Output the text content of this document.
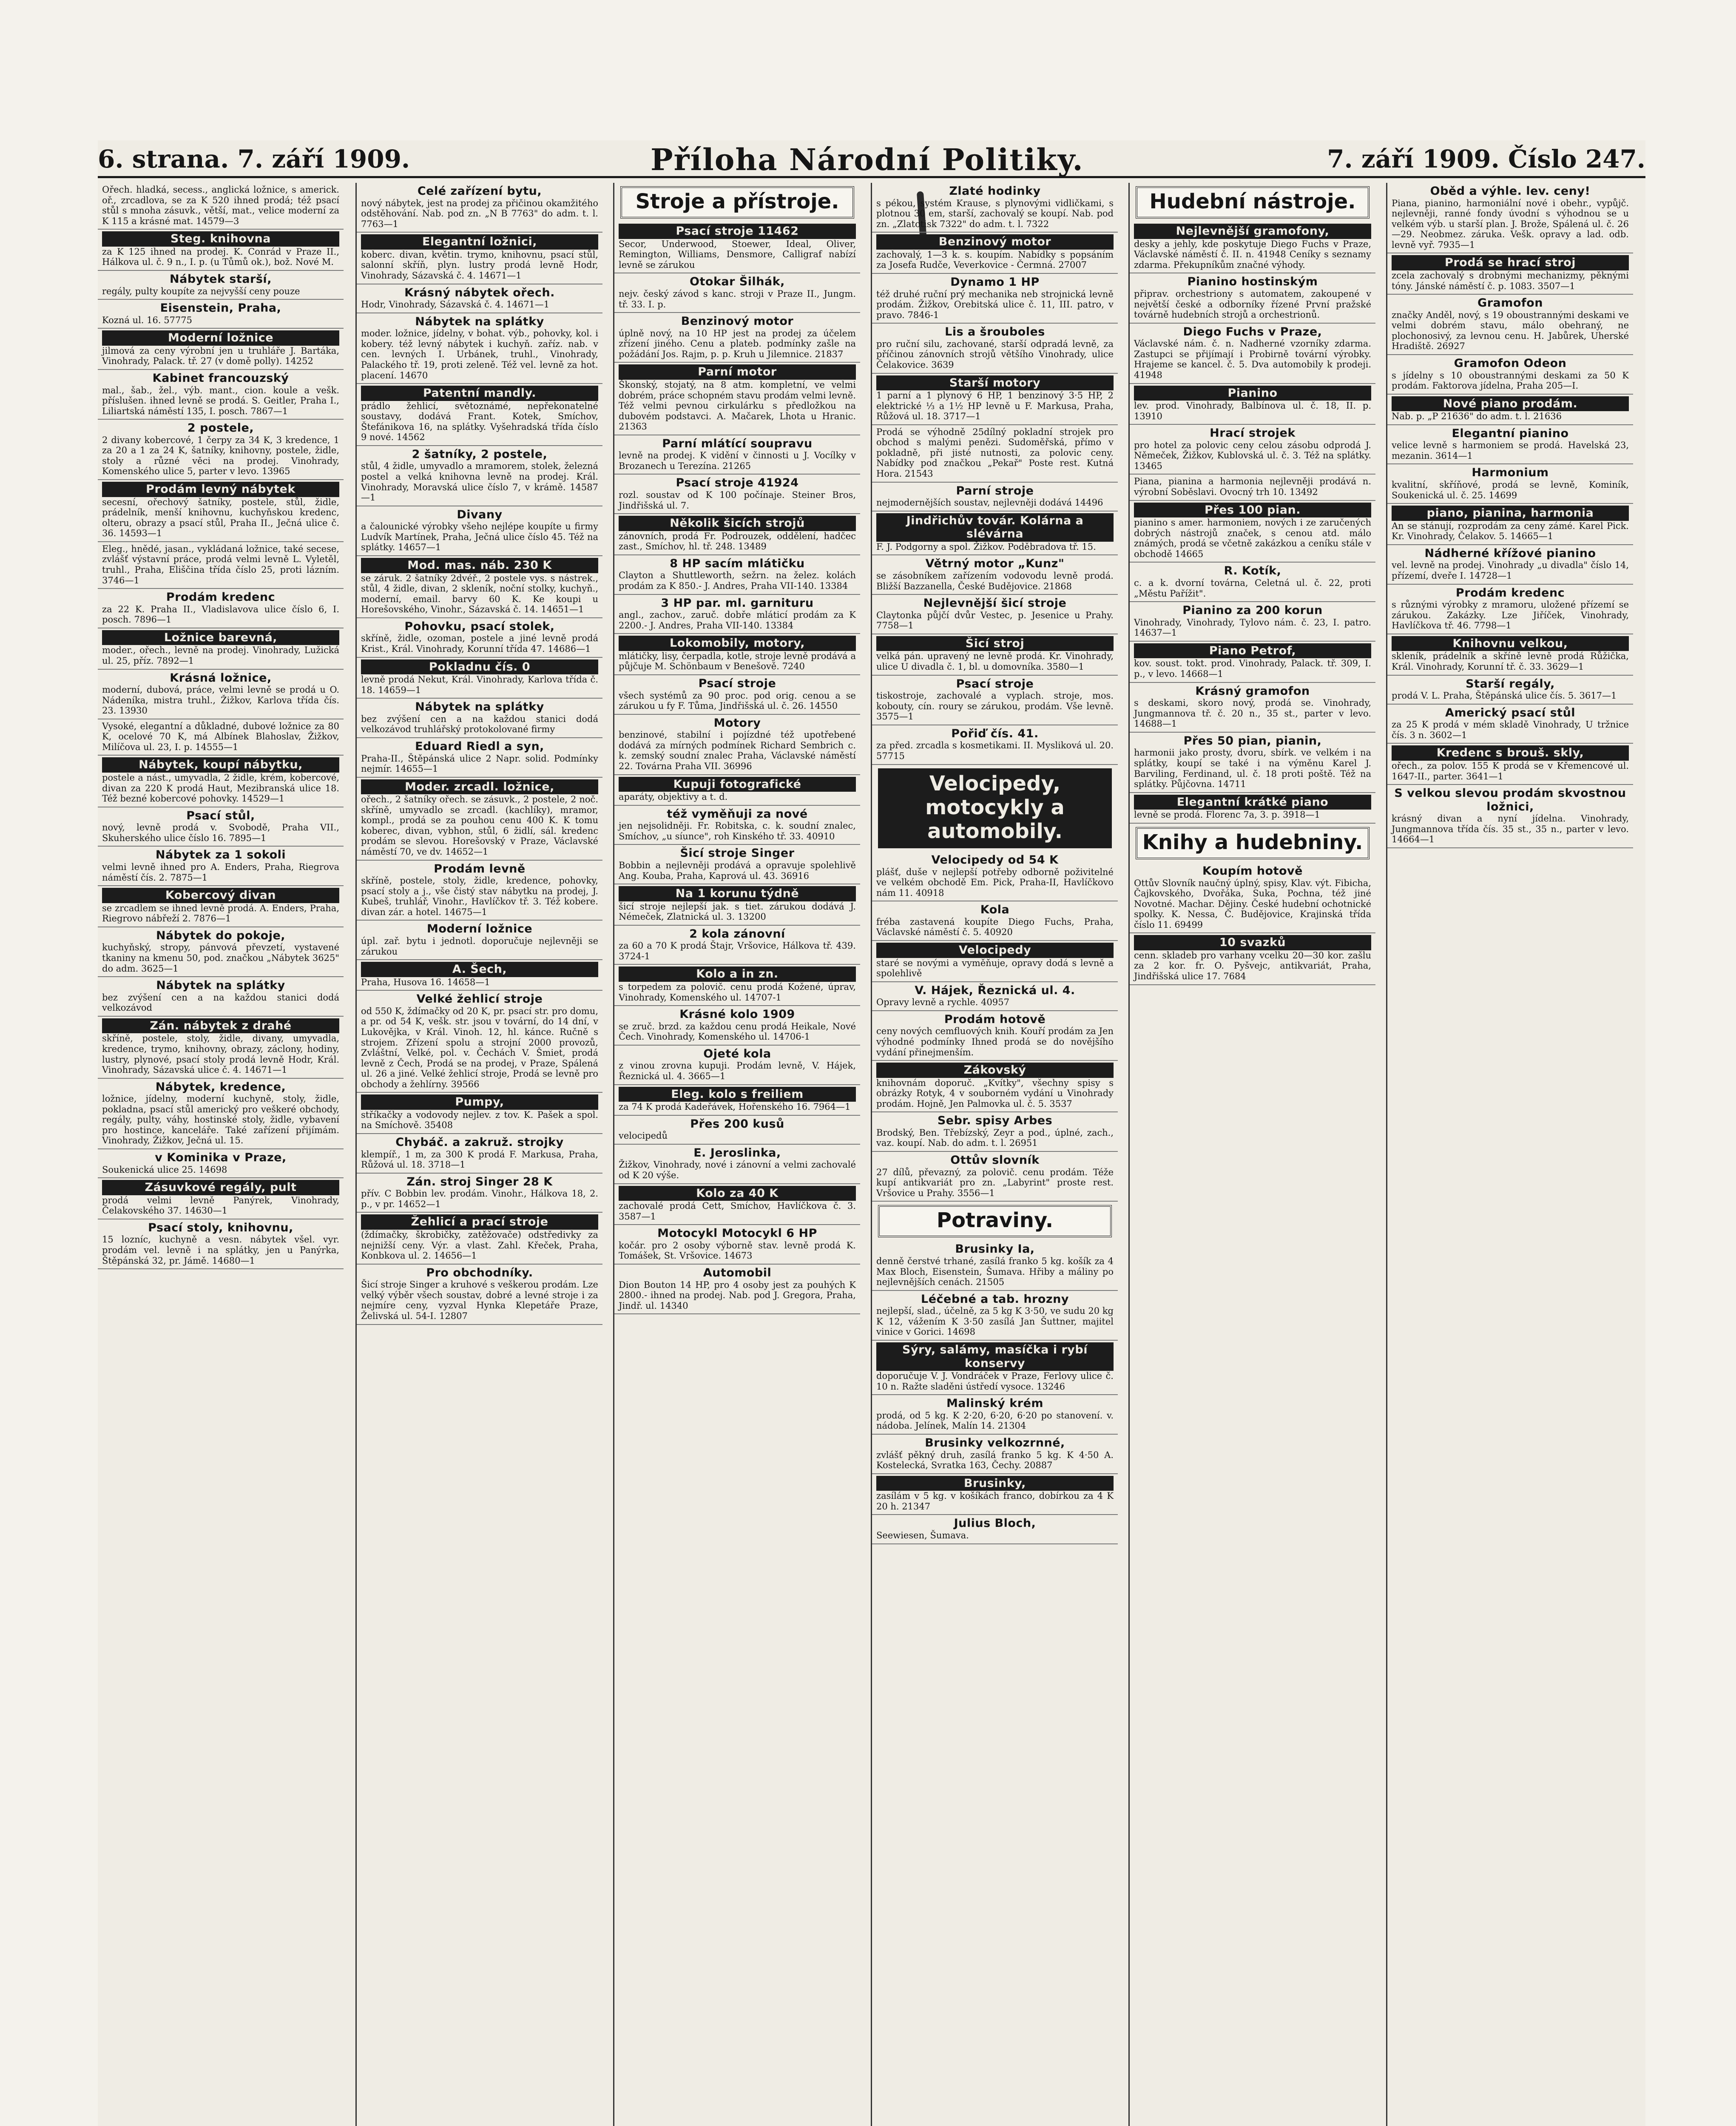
6. strana. 7. září 1909.	Příloha Národní Politiky.	7. září 1909. Číslo 247.
Ořech. hladká, secess., anglická ložnice, s americk. oř., zrcadlova, se za K 520 ihned prodá; též psací stůl s mnoha zásuvk., větší, mat., velice moderní za K 115 a krásné mat. 14579—3
Steg. knihovna
za K 125 ihned na prodej. K. Conrád v Praze II., Hálkova ul. č. 9 n., I. p. (u Tůmů ok.), bož. Nové M.
Nábytek starší,
regály, pulty koupíte za nejvyšší ceny pouze
Eisenstein, Praha,
Kozná ul. 16. 57775
Moderní ložnice
jilmová za ceny výrobní jen u truhláře J. Bartáka, Vinohrady, Palack. tř. 27 (v domě polly). 14252
Kabinet francouzský
mal., šab., žel., výb. mant., cion. koule a vešk. příslušen. ihned levně se prodá. S. Geitler, Praha I., Liliartská náměstí 135, I. posch. 7867—1
2 postele,
2 divany kobercové, 1 čerpy za 34 K, 3 kredence, 1 za 20 a 1 za 24 K, šatníky, knihovny, postele, židle, stoly a různé věci na prodej. Vinohrady, Komenského ulice 5, parter v levo. 13965
Prodám levný nábytek
secesní, ořechový šatníky, postele, stůl, židle, prádelník, menší knihovnu, kuchyňskou kredenc, olteru, obrazy a psací stůl, Praha II., Ječná ulice č. 36. 14593—1
Eleg., hnědé, jasan., vykládaná ložnice, také secese, zvlášť výstavní práce, prodá velmi levně L. Vyletěl, truhl., Praha, Eliščina třída číslo 25, proti lázním. 3746—1
Prodám kredenc
za 22 K. Praha II., Vladislavova ulice číslo 6, I. posch. 7896—1
Ložnice barevná,
moder., ořech., levně na prodej. Vinohrady, Lužická ul. 25, příz. 7892—1
Krásná ložnice,
moderní, dubová, práce, velmi levně se prodá u O. Nádeníka, mistra truhl., Žižkov, Karlova třída čís. 23. 13930
Vysoké, elegantní a důkladné, dubové ložnice za 80 K, ocelové 70 K, má Albínek Blahoslav, Žižkov, Milíčova ul. 23, I. p. 14555—1
Nábytek, koupí nábytku,
postele a nást., umyvadla, 2 židle, krém, kobercové, divan za 220 K prodá Haut, Mezibranská ulice 18. Též bezné kobercové pohovky. 14529—1
Psací stůl,
nový, levně prodá v. Svobodě, Praha VII., Skuherského ulice číslo 16. 7895—1
Nábytek za 1 sokoli
velmi levně ihned pro A. Enders, Praha, Riegrova náměstí čís. 2. 7875—1
Kobercový divan
se zrcadlem se ihned levně prodá. A. Enders, Praha, Riegrovo nábřeží 2. 7876—1
Nábytek do pokoje,
kuchyňský, stropy, pánvová převzetí, vystavené tkaniny na kmenu 50, pod. značkou „Nábytek 3625" do adm. 3625—1
Nábytek na splátky
bez zvýšení cen a na každou stanici dodá velkozávod
Zán. nábytek z drahé
skříně, postele, stoly, židle, divany, umyvadla, kredence, trymo, knihovny, obrazy, záclony, hodiny, lustry, plynové, psací stoly prodá levně Hodr, Král. Vinohrady, Sázavská ulice č. 4. 14671—1
Nábytek, kredence,
ložnice, jídelny, moderní kuchyně, stoly, židle, pokladna, psací stůl americký pro veškeré obchody, regály, pulty, váhy, hostinské stoly, židle, vybavení pro hostince, kanceláře. Také zařízení přijímám. Vinohrady, Žižkov, Ječná ul. 15.
v Kominika v Praze,
Soukenická ulice 25. 14698
Zásuvkové regály, pult
prodá velmi levně Panýrek, Vinohrady, Čelakovského 37. 14630—1
Psací stoly, knihovnu,
15 lozníc, kuchyně a vesn. nábytek všel. vyr. prodám vel. levně i na splátky, jen u Panýrka, Štěpánská 32, pr. Jámě. 14680—1
Celé zařízení bytu,
nový nábytek, jest na prodej za přičinou okamžitého odstěhování. Nab. pod zn. „N B 7763" do adm. t. l. 7763—1
Elegantní ložnici,
koberc. divan, květin. trymo, knihovnu, psací stůl, salonní skříň, plyn. lustry prodá levně Hodr, Vinohrady, Sázavská č. 4. 14671—1
Krásný nábytek ořech.
Hodr, Vinohrady, Sázavská č. 4. 14671—1
Nábytek na splátky
moder. ložnice, jídelny, v bohat. výb., pohovky, kol. i kobery. též levný nábytek i kuchyň. zaříz. nab. v cen. levných I. Urbánek, truhl., Vinohrady, Palackého tř. 19, proti zeleně. Též vel. levně za hot. placení. 14670
Patentní mandly.
prádlo žehlicí, světoznámé, nepřekonatelné soustavy, dodává Frant. Kotek, Smíchov, Štefánikova 16, na splátky. Vyšehradská třída číslo 9 nové. 14562
2 šatníky, 2 postele,
stůl, 4 židle, umyvadlo a mramorem, stolek, železná postel a velká knihovna levně na prodej. Král. Vinohrady, Moravská ulice číslo 7, v krámě. 14587—1
Divany
a čalounické výrobky všeho nejlépe koupíte u firmy Ludvík Martínek, Praha, Ječná ulice číslo 45. Též na splátky. 14657—1
Mod. mas. náb. 230 K
se záruk. 2 šatníky 2dvéř., 2 postele vys. s nástrek., stůl, 4 židle, divan, 2 skleník, noční stolky, kuchyň., moderní, email. barvy 60 K. Ke koupi u Horešovského, Vinohr., Sázavská č. 14. 14651—1
Pohovku, psací stolek,
skříně, židle, ozoman, postele a jiné levně prodá Krist., Král. Vinohrady, Korunní třída 47. 14686—1
Pokladnu čís. 0
levně prodá Nekut, Král. Vinohrady, Karlova třída č. 18. 14659—1
Nábytek na splátky
bez zvýšení cen a na každou stanici dodá velkozávod truhlářský protokolované firmy
Eduard Riedl a syn,
Praha-II., Štěpánská ulice 2 Napr. solid. Podmínky nejmír. 14655—1
Moder. zrcadl. ložnice,
ořech., 2 šatníky ořech. se zásuvk., 2 postele, 2 noč. skříně, umyvadlo se zrcadl. (kachlíky), mramor, kompl., prodá se za pouhou cenu 400 K. K tomu koberec, divan, vybhon, stůl, 6 židlí, sál. kredenc prodám se slevou. Horešovský v Praze, Václavské náměstí 70, ve dv. 14652—1
Prodám levně
skříně, postele, stoly, židle, kredence, pohovky, psací stoly a j., vše čistý stav nábytku na prodej, J. Kubeš, truhlář, Vinohr., Havlíčkov tř. 3. Též kobere. divan zár. a hotel. 14675—1
Moderní ložnice
úpl. zař. bytu i jednotl. doporučuje nejlevněji se zárukou
A. Šech,
Praha, Husova 16. 14658—1
Velké žehlicí stroje
od 550 K, ždímačky od 20 K, pr. psací str. pro domu, a pr. od 54 K, vešk. str. jsou v tovární, do 14 dní, v Lukovějka, v Král. Vinoh. 12, hl. kánce. Ručně s strojem. Zřízení spolu a strojní 2000 provozů, Zvláštní, Velké, pol. v. Čechách V. Šmiet, prodá levně z Čech, Prodá se na prodej, v Praze, Spálená ul. 26 a jiné. Velké žehlicí stroje, Prodá se levně pro obchody a žehlírny. 39566
Pumpy,
stříkačky a vodovody nejlev. z tov. K. Pašek a spol. na Smíchově. 35408
Chybáč. a zakruž. strojky
klempíř., 1 m, za 300 K prodá F. Markusa, Praha, Růžová ul. 18. 3718—1
Zán. stroj Singer 28 K
přív. C Bobbin lev. prodám. Vinohr., Hálkova 18, 2. p., v pr. 14652—1
Žehlicí a prací stroje
(ždímačky, škrobičky, zatěžovače) odstředivky za nejnižší ceny. Výr. a vlast. Zahl. Křeček, Praha, Konbkova ul. 2. 14656—1
Pro obchodníky.
Šicí stroje Singer a kruhové s veškerou prodám. Lze velký výběr všech soustav, dobré a levné stroje i za nejmíre ceny, vyzval Hynka Klepetáře Praze, Želivská ul. 54-I. 12807
Stroje a přístroje.
Psací stroje 11462
Secor, Underwood, Stoewer, Ideal, Oliver, Remington, Williams, Densmore, Calligraf nabízí levně se zárukou
Otokar Šilhák,
nejv. český závod s kanc. stroji v Praze II., Jungm. tř. 33. I. p.
Benzinový motor
úplně nový, na 10 HP jest na prodej za účelem zřízení jiného. Cenu a plateb. podmínky zašle na požádání Jos. Rajm, p. p. Kruh u Jilemnice. 21837
Parní motor
Škonský, stojatý, na 8 atm. kompletní, ve velmi dobrém, práce schopném stavu prodám velmi levně. Též velmi pevnou cirkulárku s předložkou na dubovém podstavci. A. Mačarek, Lhota u Hranic. 21363
Parní mlátící soupravu
levně na prodej. K vidění v činnosti u J. Vocílky v Brozanech u Terezína. 21265
Psací stroje 41924
rozl. soustav od K 100 počínaje. Steiner Bros, Jindřišská ul. 7.
Několik šicích strojů
zánovních, prodá Fr. Podrouzek, oddělení, hadčec zast., Smíchov, hl. tř. 248. 13489
8 HP sacím mlátičku
Clayton a Shuttleworth, sežrn. na želez. kolách prodám za K 850.- J. Andres, Praha VII-140. 13384
3 HP par. ml. garnituru
angl., zachov., zaruč. dobře mláticí prodám za K 2200.- J. Andres, Praha VII-140. 13384
Lokomobily, motory,
mlátičky, lisy, čerpadla, kotle, stroje levně prodává a půjčuje M. Schönbaum v Benešově. 7240
Psací stroje
všech systémů za 90 proc. pod orig. cenou a se zárukou u fy F. Tůma, Jindřišská ul. č. 26. 14550
Motory
benzinové, stabilní i pojízdné též upotřebené dodává za mírných podmínek Richard Sembrich c. k. zemský soudní znalec Praha, Václavské náměstí 22. Továrna Praha VII. 36996
Kupuji fotografické
aparáty, objektivy a t. d.
též vyměňuji za nové
jen nejsolidněji. Fr. Robitska, c. k. soudní znalec, Smíchov, „u síunce", roh Kinského tř. 33. 40910
Šicí stroje Singer
Bobbin a nejlevněji prodává a opravuje spolehlivě Ang. Kouba, Praha, Kaprová ul. 43. 36916
Na 1 korunu týdně
šicí stroje nejlepší jak. s tiet. zárukou dodává J. Némeček, Zlatnická ul. 3. 13200
2 kola zánovní
za 60 a 70 K prodá Štajr, Vršovice, Hálkova tř. 439. 3724-1
Kolo a in zn.
s torpedem za polovič. cenu prodá Kožené, úprav, Vinohrady, Komenského ul. 14707-1
Krásné kolo 1909
se zruč. brzd. za každou cenu prodá Heikale, Nové Čech. Vinohrady, Komenského ul. 14706-1
Ojeté kola
z vinou zrovna kupuji. Prodám levně, V. Hájek, Řeznická ul. 4. 3665—1
Eleg. kolo s freiliem
za 74 K prodá Kadeřávek, Hořenského 16. 7964—1
Přes 200 kusů
velocipedů
E. Jeroslinka,
Žižkov, Vinohrady, nové i zánovní a velmi zachovalé od K 20 výše.
Kolo za 40 K
zachovalé prodá Cett, Smíchov, Havlíčkova č. 3. 3587—1
Motocykl Motocykl 6 HP
kočár. pro 2 osoby výborně stav. levně prodá K. Tomášek, St. Vršovice. 14673
Automobil
Dion Bouton 14 HP, pro 4 osoby jest za pouhých K 2800.- ihned na prodej. Nab. pod J. Gregora, Praha, Jindř. ul. 14340
Zlaté hodinky
s pékou, systém Krause, s plynovými vidličkami, s plotnou 30 em, starší, zachovalý se koupí. Nab. pod zn. „Zlatotisk 7322" do adm. t. l. 7322
Benzinový motor
zachovalý, 1—3 k. s. koupím. Nabídky s popsáním za Josefa Rudče, Veverkovice - Čermná. 27007
Dynamo 1 HP
též druhé ruční prý mechanika neb strojnická levně prodám. Žižkov, Orebitská ulice č. 11, III. patro, v pravo. 7846-1
Lis a šrouboles
pro ruční silu, zachované, starší odpradá levně, za příčinou zánovních strojů většího Vinohrady, ulice Čelakovice. 3639
Starší motory
1 parní a 1 plynový 6 HP, 1 benzinový 3·5 HP, 2 elektrické ⅓ a 1½ HP levně u F. Markusa, Praha, Růžová ul. 18. 3717—1
Prodá se výhodně 25dílný pokladní strojek pro obchod s malými penězi. Sudoměřská, přímo v pokladně, při jisté nutnosti, za polovic ceny. Nabídky pod značkou „Pekař" Poste rest. Kutná Hora. 21543
Parní stroje
nejmodernějších soustav, nejlevněji dodává 14496
Jindřichův továr. Kolárna a slévárna
F. J. Podgorny a spol. Žižkov. Poděbradova tř. 15.
Větrný motor „Kunz"
se zásobníkem zařízením vodovodu levně prodá. Bližší Bazzanella, České Budějovice. 21868
Nejlevnější šicí stroje
Claytonka půjčí dvůr Vestec, p. Jesenice u Prahy. 7758—1
Šicí stroj
velká pán. upravený ne levně prodá. Kr. Vinohrady, ulice U divadla č. 1, bl. u domovníka. 3580—1
Psací stroje
tiskostroje, zachovalé a vyplach. stroje, mos. kobouty, cín. roury se zárukou, prodám. Vše levně. 3575—1
Pořiď čís. 41.
za před. zrcadla s kosmetikami. II. Mysliková ul. 20. 57715
Velocipedy, motocykly a automobily.
Velocipedy od 54 K
plášť, duše v nejlepší potřeby odborně poživitelné ve velkém obchodě Em. Pick, Praha-II, Havlíčkovo nám 11. 40918
Kola
fréba zastavená koupíte Diego Fuchs, Praha, Václavské náměstí č. 5. 40920
Velocipedy
staré se novými a vyměňuje, opravy dodá s levně a spolehlivě
V. Hájek, Řeznická ul. 4.
Opravy levně a rychle. 40957
Prodám hotově
ceny nových cemfluových knih. Kouří prodám za Jen výhodné podmínky Ihned prodá se do novějšího vydání přinejmenším.
Zákovský
knihovnám doporuč. „Kvítky", všechny spisy s obrázky Rotyk, 4 v souborném vydání u Vinohrady prodám. Hojně, Jen Palmovka ul. č. 5. 3537
Sebr. spisy Arbes
Brodský, Ben. Třebízský, Zeyr a pod., úplné, zach., vaz. koupí. Nab. do adm. t. l. 26951
Ottův slovník
27 dílů, převazný, za polovič. cenu prodám. Téže kupí antikvariát pro zn. „Labyrint" proste rest. Vršovice u Prahy. 3556—1
Potraviny.
Brusinky Ia,
denně čerstvé trhané, zasílá franko 5 kg. košík za 4 Max Bloch, Eisenstein, Šumava. Hřiby a máliny po nejlevnějších cenách. 21505
Léčebné a tab. hrozny
nejlepší, slad., účelně, za 5 kg K 3·50, ve sudu 20 kg K 12, vážením K 3·50 zasílá Jan Šuttner, majitel vinice v Gorici. 14698
Sýry, salámy, masíčka i rybí konservy
doporučuje V. J. Vondráček v Praze, Ferlovy ulice č. 10 n. Ražte sladěni ústředí vysoce. 13246
Malinský krém
prodá, od 5 kg. K 2·20, 6·20, 6·20 po stanovení. v. nádoba. Jelínek, Malín 14. 21304
Brusinky velkozrnné,
zvlášť pěkný druh, zasílá franko 5 kg. K 4·50 A. Kostelecká, Svratka 163, Čechy. 20887
Brusinky,
zasílám v 5 kg. v košíkách franco, dobírkou za 4 K 20 h. 21347
Julius Bloch,
Seewiesen, Šumava.
Hudební nástroje.
Nejlevnější gramofony,
desky a jehly, kde poskytuje Diego Fuchs v Praze, Václavské náměstí č. II. n. 41948 Ceníky s seznamy zdarma. Překupníkům značné výhody.
Pianino hostinským
připrav. orchestriony s automatem, zakoupené v největší české a odborníky řízené První pražské továrně hudebních strojů a orchestrionů.
Diego Fuchs v Praze,
Václavské nám. č. n. Nadherné vzorníky zdarma. Zastupci se přijímají i Probirně tovární výrobky. Hrajeme se kancel. č. 5. Dva automobily k prodeji. 41948
Pianino
lev. prod. Vinohrady, Balbínova ul. č. 18, II. p. 13910
Hrací strojek
pro hotel za polovic ceny celou zásobu odprodá J. Němeček, Žižkov, Kublovská ul. č. 3. Též na splátky. 13465
Piana, pianina a harmonia nejlevněji prodává n. výrobní Soběslavi. Ovocný trh 10. 13492
Přes 100 pian.
pianino s amer. harmoniem, nových i ze zaručených dobrých nástrojů značek, s cenou atd. málo známých, prodá se včetně zakázkou a ceníku stále v obchodě 14665
R. Kotík,
c. a k. dvorní továrna, Celetná ul. č. 22, proti „Městu Pařížit".
Pianino za 200 korun
Vinohrady, Vinohrady, Tylovo nám. č. 23, I. patro. 14637—1
Piano Petrof,
kov. soust. tokt. prod. Vinohrady, Palack. tř. 309, I. p., v levo. 14668—1
Krásný gramofon
s deskami, skoro nový, prodá se. Vinohrady, Jungmannova tř. č. 20 n., 35 st., parter v levo. 14688—1
Přes 50 pian, pianin,
harmonii jako prosty, dvoru, sbírk. ve velkém i na splátky, koupí se také i na výměnu Karel J. Barviling, Ferdinand, ul. č. 18 proti poště. Též na splátky. Půjčovna. 14711
Elegantní krátké piano
levně se prodá. Florenc 7a, 3. p. 3918—1
Knihy a hudebniny.
Koupím hotově
Ottův Slovník naučný úplný, spisy, Klav. výt. Fibicha, Čajkovského, Dvořáka, Suka, Pochna, též jiné Novotné. Machar. Dějiny. České hudební ochotnické spolky. K. Nessa, Č. Budějovice, Krajinská třída číslo 11. 69499
10 svazků
cenn. skladeb pro varhany vcelku 20—30 kor. zašlu za 2 kor. fr. O. Pyšvejc, antikvariát, Praha, Jindřišská ulice 17. 7684
Oběd a výhle. lev. ceny!
Piana, pianino, harmoniální nové i obehr., vypůjč. nejlevněji, ranné fondy úvodní s výhodnou se u velkém výb. u starší plan. J. Brože, Spálená ul. č. 26—29. Neobmez. záruka. Vešk. opravy a lad. odb. levně vyř. 7935—1
Prodá se hrací stroj
zcela zachovalý s drobnými mechanizmy, pěknými tóny. Jánské náměstí č. p. 1083. 3507—1
Gramofon
značky Anděl, nový, s 19 oboustrannými deskami ve velmi dobrém stavu, málo obehraný, ne plochonosivý, za levnou cenu. H. Jabůrek, Uherské Hradiště. 26927
Gramofon Odeon
s jídelny s 10 oboustrannými deskami za 50 K prodám. Faktorova jídelna, Praha 205—I.
Nové piano prodám.
Nab. p. „P 21636" do adm. t. l. 21636
Elegantní pianino
velice levně s harmoniem se prodá. Havelská 23, mezanin. 3614—1
Harmonium
kvalitní, skříňové, prodá se levně, Kominík, Soukenická ul. č. 25. 14699
piano, pianina, harmonia
An se stánují, rozprodám za ceny zámé. Karel Pick. Kr. Vinohrady, Čelakov. 5. 14665—1
Nádherné křížové pianino
vel. levně na prodej. Vinohrady „u divadla" číslo 14, přízemí, dveře I. 14728—1
Prodám kredenc
s různými výrobky z mramoru, uložené přízemí se zárukou. Zakázky. Lze Jiříček, Vinohrady, Havlíčkova tř. 46. 7798—1
Knihovnu velkou,
skleník, prádelník a skříně levně prodá Růžička, Král. Vinohrady, Korunní tř. č. 33. 3629—1
Starší regály,
prodá V. L. Praha, Štěpánská ulice čís. 5. 3617—1
Americký psací stůl
za 25 K prodá v mém skladě Vinohrady, U tržnice čís. 3 n. 3602—1
Kredenc s brouš. skly,
ořech., za polov. 155 K prodá se v Křemencové ul. 1647-II., parter. 3641—1
S velkou slevou prodám skvostnou ložnici,
krásný divan a nyní jídelna. Vinohrady, Jungmannova třída čís. 35 st., 35 n., parter v levo. 14664—1
